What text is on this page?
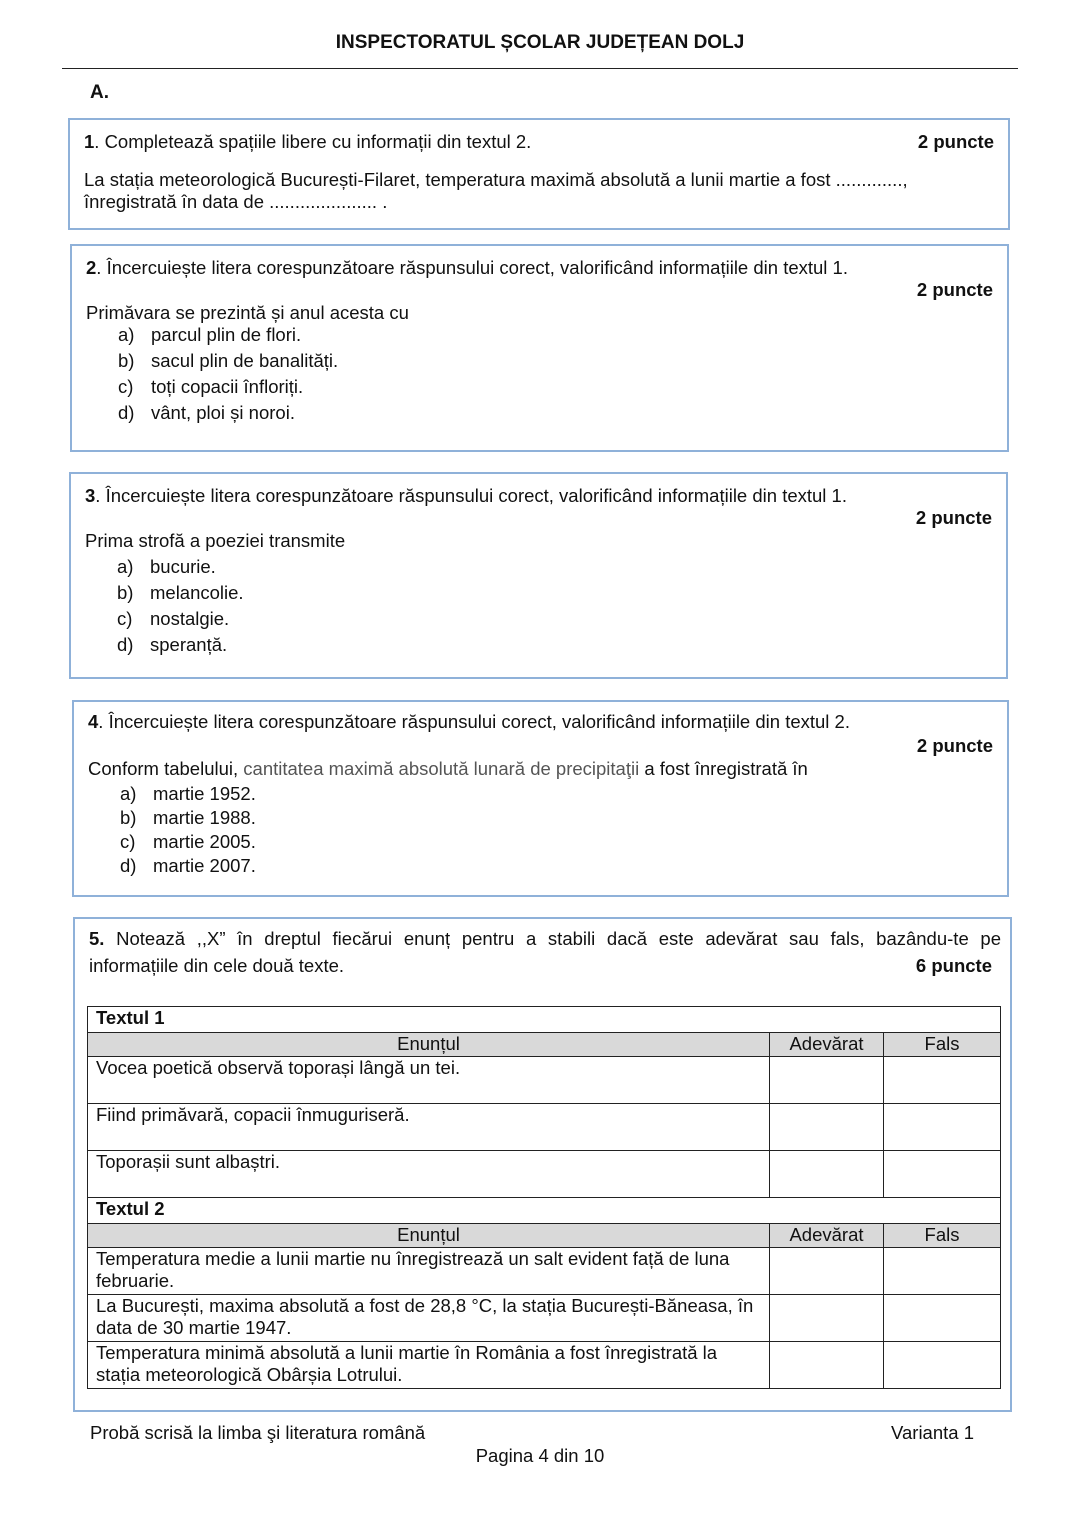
INSPECTORATUL ȘCOLAR JUDEȚEAN DOLJ
A.
1. Completează spațiile libere cu informații din textul 2.	2 puncte
La stația meteorologică București-Filaret, temperatura maximă absolută a lunii martie a fost .............,
înregistrată în data de ..................... .
2. Încercuiește litera corespunzătoare răspunsului corect, valorificând informațiile din textul 1.
2 puncte
Primăvara se prezintă și anul acesta cu
a) parcul plin de flori.
b) sacul plin de banalități.
c) toți copacii înfloriți.
d) vânt, ploi și noroi.
3. Încercuiește litera corespunzătoare răspunsului corect, valorificând informațiile din textul 1.
2 puncte
Prima strofă a poeziei transmite
a) bucurie.
b) melancolie.
c) nostalgie.
d) speranță.
4. Încercuiește litera corespunzătoare răspunsului corect, valorificând informațiile din textul 2.
2 puncte
Conform tabelului, cantitatea maximă absolută lunară de precipitaţii a fost înregistrată în
a) martie 1952.
b) martie 1988.
c) martie 2005.
d) martie 2007.
5. Notează ,,X” în dreptul fiecărui enunț pentru a stabili dacă este adevărat sau fals, bazându-te pe
informațiile din cele două texte.	6 puncte
Textul 1		
Enunțul	Adevărat	Fals
Vocea poetică observă toporași lângă un tei.		
Fiind primăvară, copacii înmuguriseră.		
Toporașii sunt albaștri.		
Textul 2		
Enunțul	Adevărat	Fals
Temperatura medie a lunii martie nu înregistrează un salt evident față de luna februarie.		
La București, maxima absolută a fost de 28,8 °C, la stația București-Băneasa, în data de 30 martie 1947.		
Temperatura minimă absolută a lunii martie în România a fost înregistrată la stația meteorologică Obârșia Lotrului.		
Probă scrisă la limba şi literatura română	Varianta 1
Pagina 4 din 10
